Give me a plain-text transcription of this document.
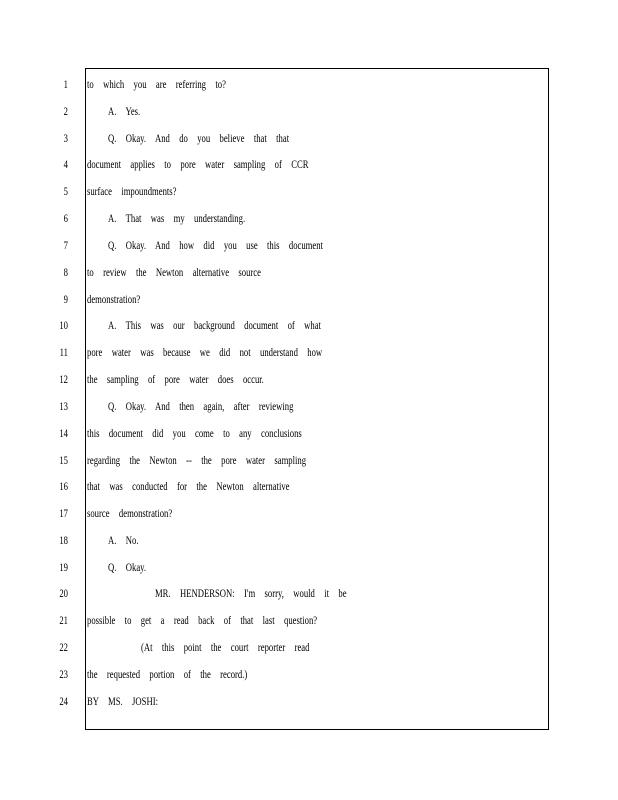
1 to which you are referring to?
2	A. Yes.
3	Q. Okay. And do you believe that that
4 document applies to pore water sampling of CCR
5 surface impoundments?
6	A. That was my understanding.
7	Q. Okay. And how did you use this document
8 to review the Newton alternative source
9 demonstration?
10	A. This was our background document of what
11 pore water was because we did not understand how
12 the sampling of pore water does occur.
13	Q. Okay. And then again, after reviewing
14 this document did you come to any conclusions
15 regarding the Newton -- the pore water sampling
16 that was conducted for the Newton alternative
17 source demonstration?
18	A. No.
19	Q. Okay.
20	MR. HENDERSON: I'm sorry, would it be
21 possible to get a read back of that last question?
22	(At this point the court reporter read
23 the requested portion of the record.)
24 BY MS. JOSHI:
